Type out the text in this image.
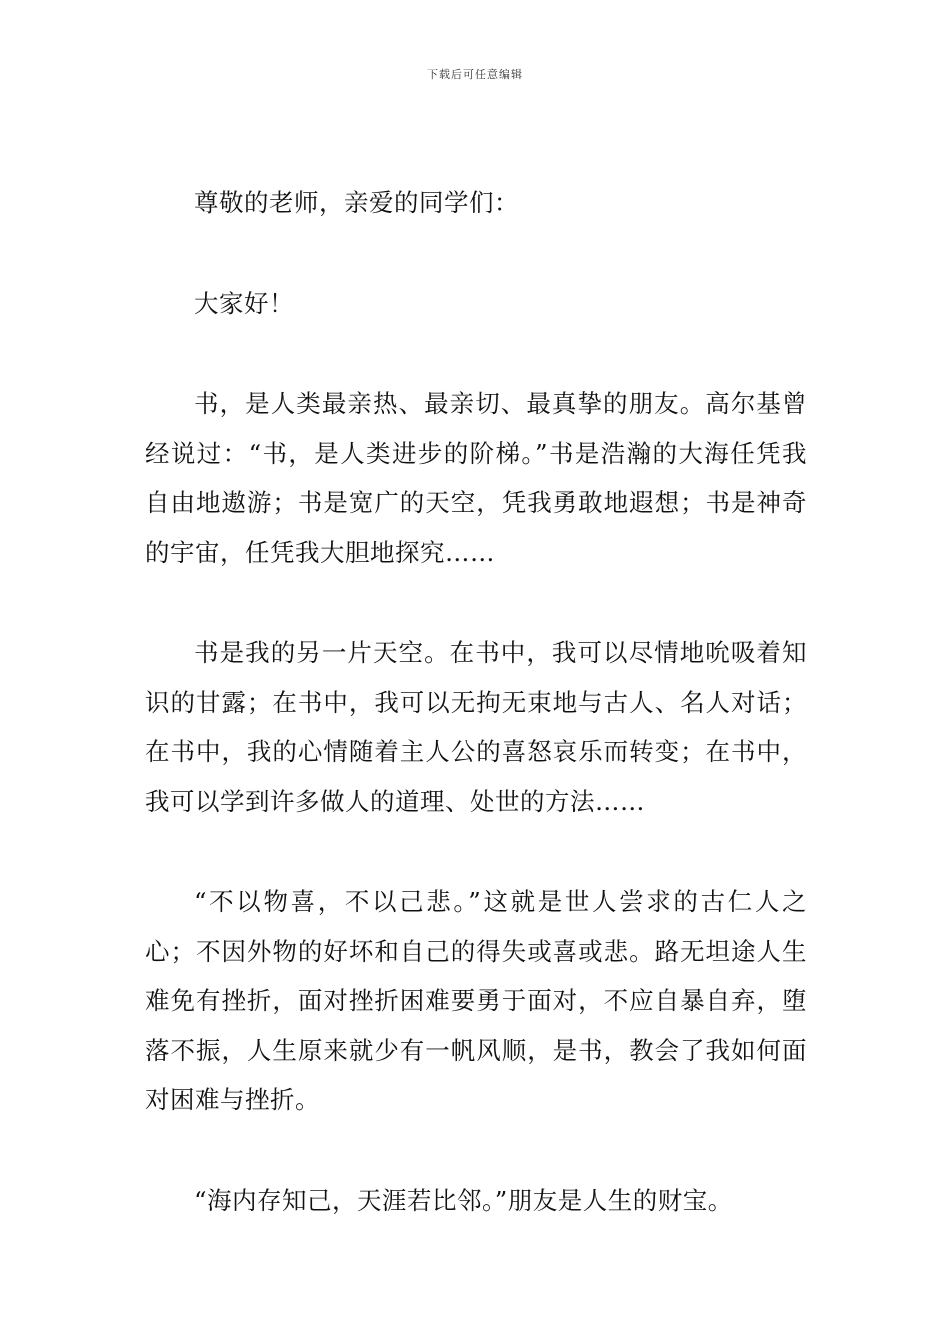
下载后可任意编辑

尊敬的老师，亲爱的同学们：

大家好！

书，是人类最亲热、最亲切、最真挚的朋友。高尔基曾经说过：“书，是人类进步的阶梯。”书是浩瀚的大海任凭我自由地遨游；书是宽广的天空，凭我勇敢地遐想；书是神奇的宇宙，任凭我大胆地探究……

书是我的另一片天空。在书中，我可以尽情地吮吸着知识的甘露；在书中，我可以无拘无束地与古人、名人对话；在书中，我的心情随着主人公的喜怒哀乐而转变；在书中，我可以学到许多做人的道理、处世的方法……

“不以物喜，不以己悲。”这就是世人尝求的古仁人之心；不因外物的好坏和自己的得失或喜或悲。路无坦途人生难免有挫折，面对挫折困难要勇于面对，不应自暴自弃，堕落不振，人生原来就少有一帆风顺，是书，教会了我如何面对困难与挫折。

“海内存知己，天涯若比邻。”朋友是人生的财宝。
